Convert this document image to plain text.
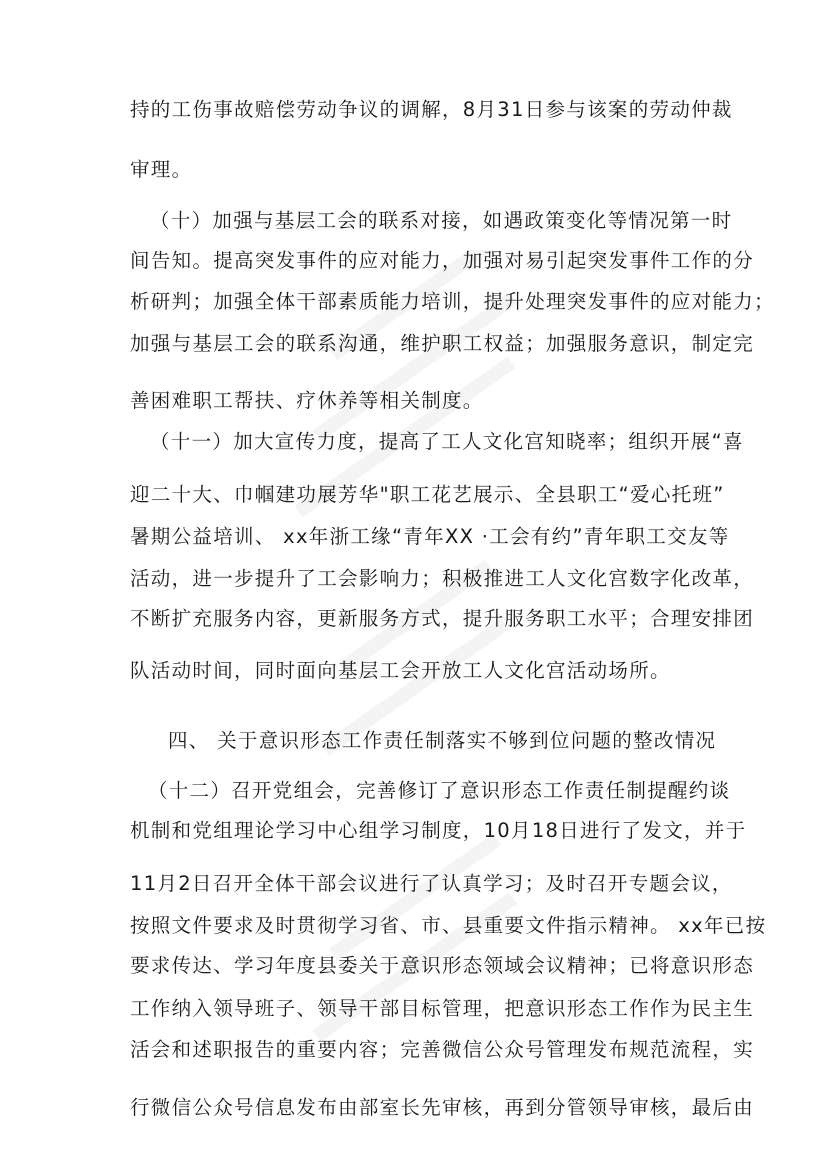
持的工伤事故赔偿劳动争议的调解，8月31日参与该案的劳动仲裁
审理。
（十）加强与基层工会的联系对接，如遇政策变化等情况第一时
间告知。提高突发事件的应对能力，加强对易引起突发事件工作的分
析研判；加强全体干部素质能力培训，提升处理突发事件的应对能力；
加强与基层工会的联系沟通，维护职工权益；加强服务意识，制定完
善困难职工帮扶、疗休养等相关制度。
（十一）加大宣传力度，提高了工人文化宫知晓率；组织开展“喜
迎二十大、巾帼建功展芳华"职工花艺展示、全县职工“爱心托班”
暑期公益培训、 xx年浙工缘“青年XX ·工会有约”青年职工交友等
活动，进一步提升了工会影响力；积极推进工人文化宫数字化改革，
不断扩充服务内容，更新服务方式，提升服务职工水平；合理安排团
队活动时间，同时面向基层工会开放工人文化宫活动场所。
四、 关于意识形态工作责任制落实不够到位问题的整改情况
（十二）召开党组会，完善修订了意识形态工作责任制提醒约谈
机制和党组理论学习中心组学习制度，10月18日进行了发文，并于
11月2日召开全体干部会议进行了认真学习；及时召开专题会议，
按照文件要求及时贯彻学习省、市、县重要文件指示精神。 xx年已按
要求传达、学习年度县委关于意识形态领域会议精神；已将意识形态
工作纳入领导班子、领导干部目标管理，把意识形态工作作为民主生
活会和述职报告的重要内容；完善微信公众号管理发布规范流程，实
行微信公众号信息发布由部室长先审核，再到分管领导审核，最后由
